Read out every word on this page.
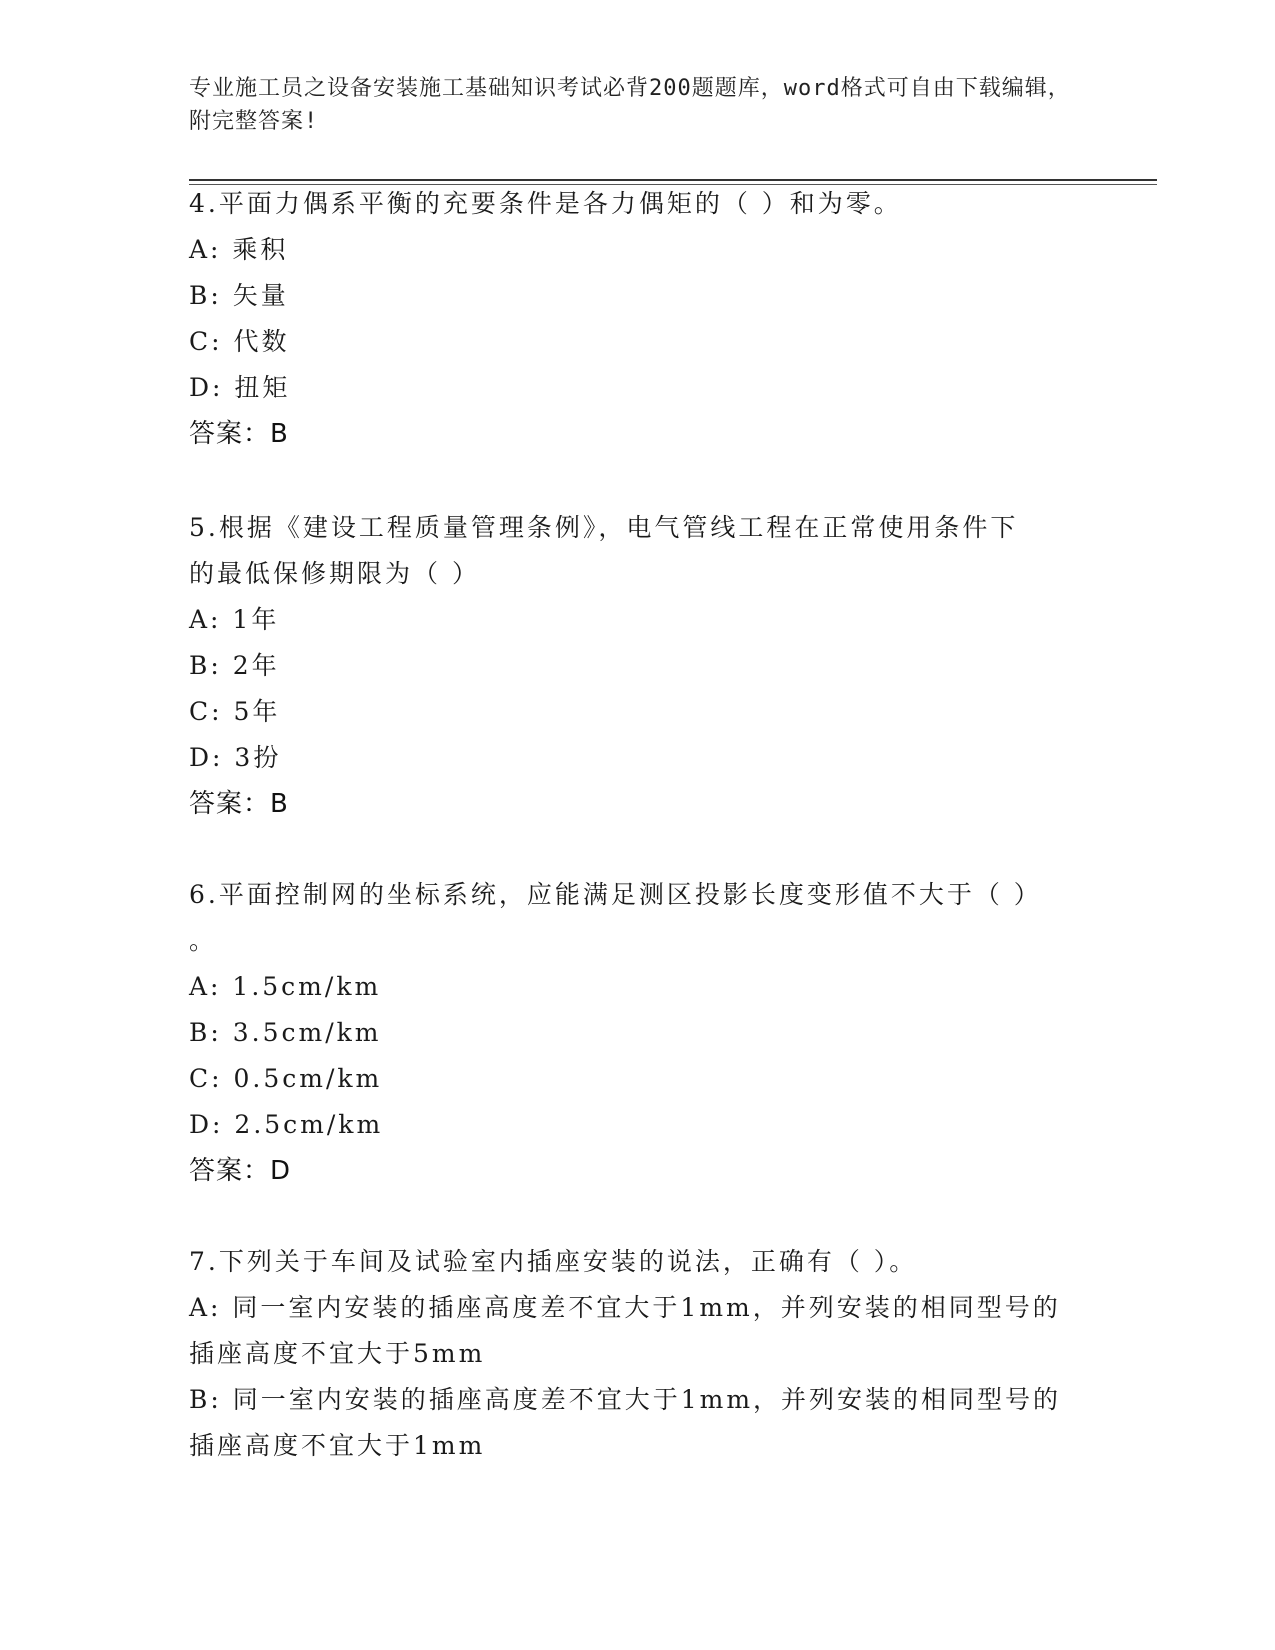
专业施工员之设备安装施工基础知识考试必背200题题库，word格式可自由下载编辑，附完整答案!
4.平面力偶系平衡的充要条件是各力偶矩的（ ）和为零。
A: 乘积
B: 矢量
C: 代数
D: 扭矩
答案：B
5.根据《建设工程质量管理条例》，电气管线工程在正常使用条件下
的最低保修期限为（ ）
A: 1年
B: 2年
C: 5年
D: 3扮
答案：B
6.平面控制网的坐标系统，应能满足测区投影长度变形值不大于（ ）
。
A: 1.5cm/km
B: 3.5cm/km
C: 0.5cm/km
D: 2.5cm/km
答案：D
7.下列关于车间及试验室内插座安装的说法，正确有（ ）。
A: 同一室内安装的插座高度差不宜大于1mm，并列安装的相同型号的
插座高度不宜大于5mm
B: 同一室内安装的插座高度差不宜大于1mm，并列安装的相同型号的
插座高度不宜大于1mm
